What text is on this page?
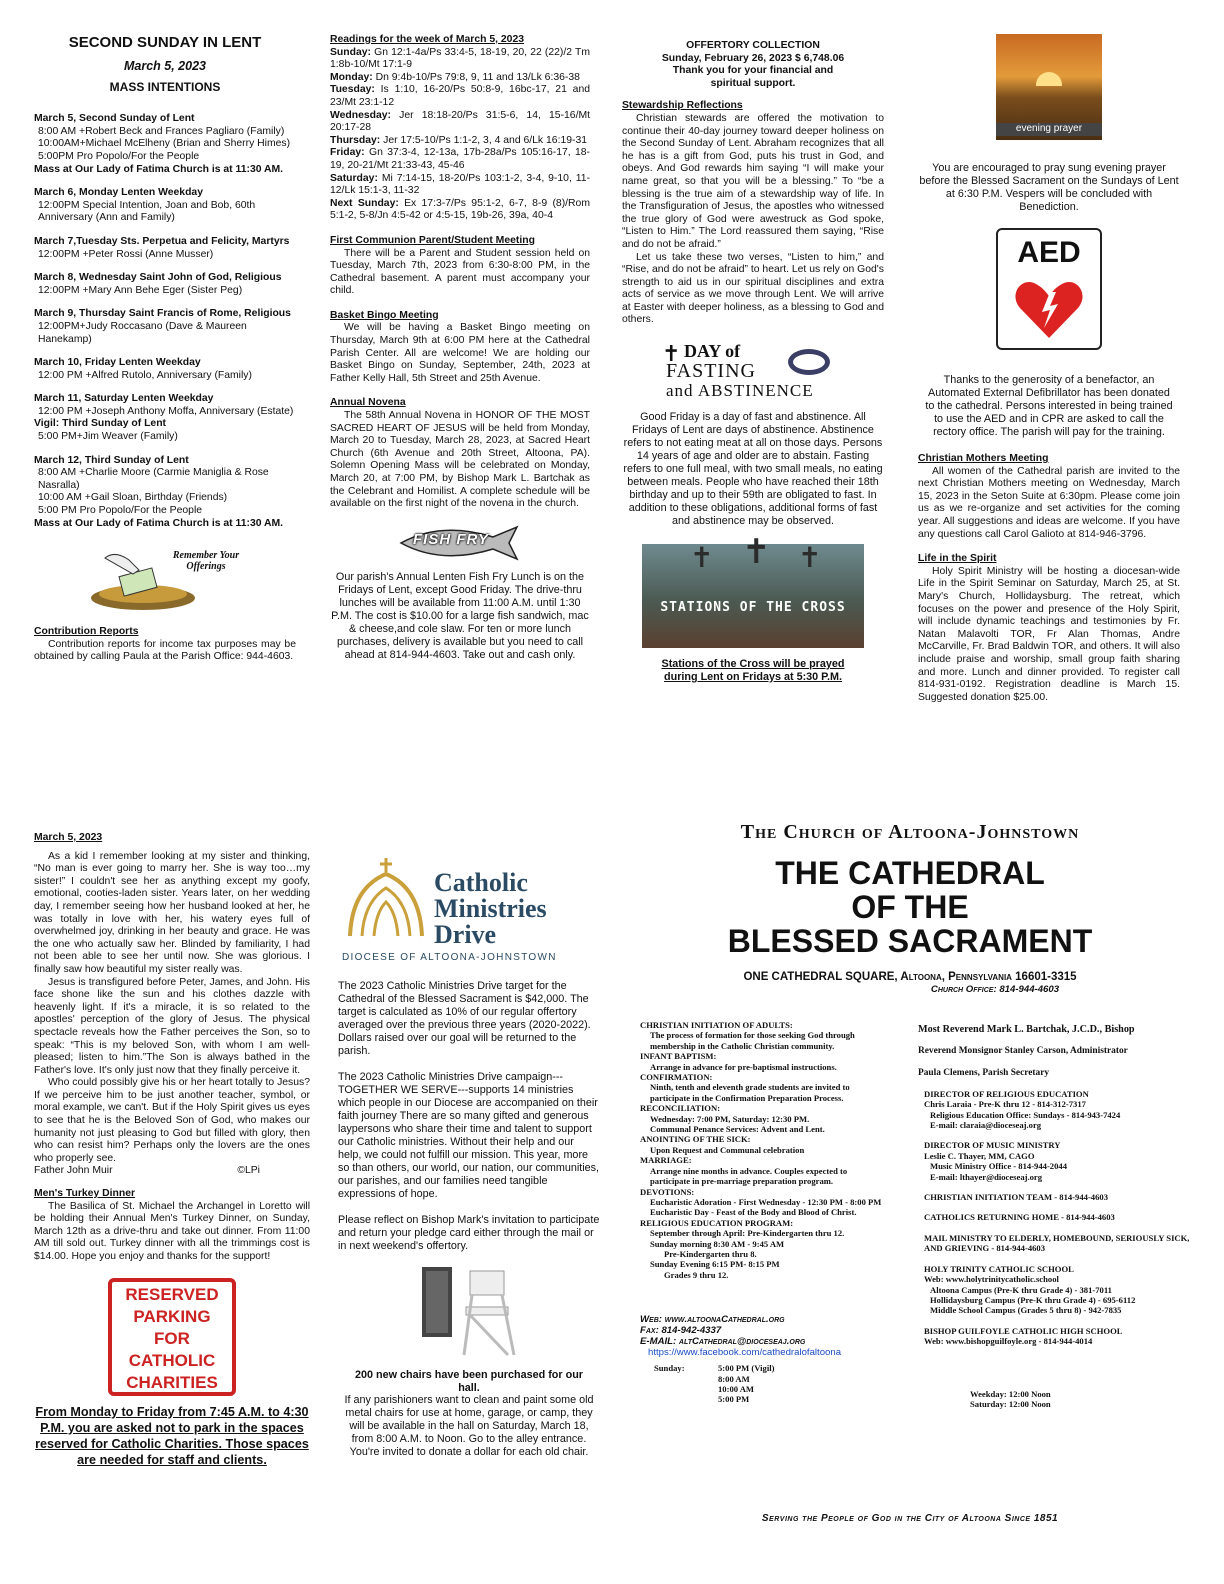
SECOND SUNDAY IN LENT
March 5, 2023
MASS INTENTIONS
March 5, Second Sunday of Lent
8:00 AM +Robert Beck and Frances Pagliaro (Family)
10:00AM+Michael McElheny (Brian and Sherry Himes)
5:00PM Pro Popolo/For the People
Mass at Our Lady of Fatima Church is at 11:30 AM.
March 6, Monday Lenten Weekday
12:00PM Special Intention, Joan and Bob, 60th Anniversary (Ann and Family)
March 7,Tuesday Sts. Perpetua and Felicity, Martyrs
12:00PM +Peter Rossi (Anne Musser)
March 8, Wednesday Saint John of God, Religious
12:00PM +Mary Ann Behe Eger (Sister Peg)
March 9, Thursday Saint Francis of Rome, Religious
12:00PM+Judy Roccasano (Dave & Maureen Hanekamp)
March 10, Friday Lenten Weekday
12:00 PM +Alfred Rutolo, Anniversary (Family)
March 11, Saturday Lenten Weekday
12:00 PM +Joseph Anthony Moffa, Anniversary (Estate)
Vigil: Third Sunday of Lent
5:00 PM+Jim Weaver (Family)
March 12, Third Sunday of Lent
8:00 AM +Charlie Moore (Carmie Maniglia & Rose Nasralla)
10:00 AM +Gail Sloan, Birthday (Friends)
5:00 PM Pro Popolo/For the People
Mass at Our Lady of Fatima Church is at 11:30 AM.
Remember Your Offerings
Contribution Reports

Contribution reports for income tax purposes may be obtained by calling Paula at the Parish Office: 944-4603.

Readings for the week of March 5, 2023

Sunday: Gn 12:1-4a/Ps 33:4-5, 18-19, 20, 22 (22)/2 Tm 1:8b-10/Mt 17:1-9

Monday: Dn 9:4b-10/Ps 79:8, 9, 11 and 13/Lk 6:36-38

Tuesday: Is 1:10, 16-20/Ps 50:8-9, 16bc-17, 21 and 23/Mt 23:1-12

Wednesday: Jer 18:18-20/Ps 31:5-6, 14, 15-16/Mt 20:17-28

Thursday: Jer 17:5-10/Ps 1:1-2, 3, 4 and 6/Lk 16:19-31

Friday: Gn 37:3-4, 12-13a, 17b-28a/Ps 105:16-17, 18-19, 20-21/Mt 21:33-43, 45-46

Saturday: Mi 7:14-15, 18-20/Ps 103:1-2, 3-4, 9-10, 11-12/Lk 15:1-3, 11-32

Next Sunday: Ex 17:3-7/Ps 95:1-2, 6-7, 8-9 (8)/Rom 5:1-2, 5-8/Jn 4:5-42 or 4:5-15, 19b-26, 39a, 40-4

First Communion Parent/Student Meeting

There will be a Parent and Student session held on Tuesday, March 7th, 2023 from 6:30-8:00 PM, in the Cathedral basement. A parent must accompany your child.

Basket Bingo Meeting

We will be having a Basket Bingo meeting on Thursday, March 9th at 6:00 PM here at the Cathedral Parish Center. All are welcome! We are holding our Basket Bingo on Sunday, September, 24th, 2023 at Father Kelly Hall, 5th Street and 25th Avenue.

Annual Novena

The 58th Annual Novena in HONOR OF THE MOST SACRED HEART OF JESUS will be held from Monday, March 20 to Tuesday, March 28, 2023, at Sacred Heart Church (6th Avenue and 20th Street, Altoona, PA). Solemn Opening Mass will be celebrated on Monday, March 20, at 7:00 PM, by Bishop Mark L. Bartchak as the Celebrant and Homilist. A complete schedule will be available on the first night of the novena in the church.

FISH FRY

Our parish's Annual Lenten Fish Fry Lunch is on the Fridays of Lent, except Good Friday. The drive-thru lunches will be available from 11:00 A.M. until 1:30 P.M. The cost is $10.00 for a large fish sandwich, mac & cheese,and cole slaw. For ten or more lunch purchases, delivery is available but you need to call ahead at 814-944-4603. Take out and cash only.

OFFERTORY COLLECTION
Sunday, February 26, 2023 $ 6,748.06
Thank you for your financial and spiritual support.
Stewardship Reflections

Christian stewards are offered the motivation to continue their 40-day journey toward deeper holiness on the Second Sunday of Lent. Abraham recognizes that all he has is a gift from God, puts his trust in God, and obeys. And God rewards him saying “I will make your name great, so that you will be a blessing.” To “be a blessing is the true aim of a stewardship way of life. In the Transfiguration of Jesus, the apostles who witnessed the true glory of God were awestruck as God spoke, “Listen to Him.” The Lord reassured them saying, “Rise and do not be afraid.”

Let us take these two verses, “Listen to him,” and “Rise, and do not be afraid” to heart. Let us rely on God's strength to aid us in our spiritual disciplines and extra acts of service as we move through Lent. We will arrive at Easter with deeper holiness, as a blessing to God and others.

✝ DAY of
FASTING
and ABSTINENCE

Good Friday is a day of fast and abstinence. All Fridays of Lent are days of abstinence. Abstinence refers to not eating meat at all on those days. Persons 14 years of age and older are to abstain. Fasting refers to one full meal, with two small meals, no eating between meals. People who have reached their 18th birthday and up to their 59th are obligated to fast. In addition to these obligations, additional forms of fast and abstinence may be observed.

✝ ✝ ✝
STATIONS OF THE CROSS
Stations of the Cross will be prayed during Lent on Fridays at 5:30 P.M.
evening prayer

You are encouraged to pray sung evening prayer before the Blessed Sacrament on the Sundays of Lent at 6:30 P.M. Vespers will be concluded with Benediction.

AED

Thanks to the generosity of a benefactor, an Automated External Defibrillator has been donated to the cathedral. Persons interested in being trained to use the AED and in CPR are asked to call the rectory office. The parish will pay for the training.

Christian Mothers Meeting

All women of the Cathedral parish are invited to the next Christian Mothers meeting on Wednesday, March 15, 2023 in the Seton Suite at 6:30pm. Please come join us as we re-organize and set activities for the coming year. All suggestions and ideas are welcome. If you have any questions call Carol Galioto at 814-946-3796.

Life in the Spirit

Holy Spirit Ministry will be hosting a diocesan-wide Life in the Spirit Seminar on Saturday, March 25, at St. Mary's Church, Hollidaysburg. The retreat, which focuses on the power and presence of the Holy Spirit, will include dynamic teachings and testimonies by Fr. Natan Malavolti TOR, Fr Alan Thomas, Andre McCarville, Fr. Brad Baldwin TOR, and others. It will also include praise and worship, small group faith sharing and more. Lunch and dinner provided. To register call 814-931-0192. Registration deadline is March 15. Suggested donation $25.00.

March 5, 2023

As a kid I remember looking at my sister and thinking, “No man is ever going to marry her. She is way too…my sister!” I couldn't see her as anything except my goofy, emotional, cooties-laden sister. Years later, on her wedding day, I remember seeing how her husband looked at her, he was totally in love with her, his watery eyes full of overwhelmed joy, drinking in her beauty and grace. He was the one who actually saw her. Blinded by familiarity, I had not been able to see her until now. She was glorious. I finally saw how beautiful my sister really was.

Jesus is transfigured before Peter, James, and John. His face shone like the sun and his clothes dazzle with heavenly light. If it's a miracle, it is so related to the apostles' perception of the glory of Jesus. The physical spectacle reveals how the Father perceives the Son, so to speak: “This is my beloved Son, with whom I am well-pleased; listen to him.”The Son is always bathed in the Father's love. It's only just now that they finally perceive it.

Who could possibly give his or her heart totally to Jesus? If we perceive him to be just another teacher, symbol, or moral example, we can't. But if the Holy Spirit gives us eyes to see that he is the Beloved Son of God, who makes our humanity not just pleasing to God but filled with glory, then who can resist him? Perhaps only the lovers are the ones who properly see.

Father John Muir	©LPi
Men's Turkey Dinner

The Basilica of St. Michael the Archangel in Loretto will be holding their Annual Men's Turkey Dinner, on Sunday, March 12th as a drive-thru and take out dinner. From 11:00 AM till sold out. Turkey dinner with all the trimmings cost is $14.00. Hope you enjoy and thanks for the support!

RESERVED
PARKING
FOR
CATHOLIC
CHARITIES
From Monday to Friday from 7:45 A.M. to 4:30 P.M. you are asked not to park in the spaces reserved for Catholic Charities. Those spaces are needed for staff and clients.
Catholic
Ministries
Drive
DIOCESE OF ALTOONA-JOHNSTOWN

The 2023 Catholic Ministries Drive target for the Cathedral of the Blessed Sacrament is $42,000. The target is calculated as 10% of our regular offertory averaged over the previous three years (2020-2022). Dollars raised over our goal will be returned to the parish.

The 2023 Catholic Ministries Drive campaign---TOGETHER WE SERVE---supports 14 ministries which people in our Diocese are accompanied on their faith journey There are so many gifted and generous laypersons who share their time and talent to support our Catholic ministries. Without their help and our help, we could not fulfill our mission. This year, more so than others, our world, our nation, our communities, our parishes, and our families need tangible expressions of hope.

Please reflect on Bishop Mark's invitation to participate and return your pledge card either through the mail or in next weekend's offertory.

200 new chairs have been purchased for our hall.

If any parishioners want to clean and paint some old metal chairs for use at home, garage, or camp, they will be available in the hall on Saturday, March 18, from 8:00 A.M. to Noon. Go to the alley entrance. You're invited to donate a dollar for each old chair.

The Church of Altoona-Johnstown
THE CATHEDRAL
OF THE
BLESSED SACRAMENT
ONE CATHEDRAL SQUARE, Altoona, Pennsylvania 16601-3315
Church Office: 814-944-4603
CHRISTIAN INITIATION OF ADULTS:
The process of formation for those seeking God through
membership in the Catholic Christian community.
INFANT BAPTISM:
Arrange in advance for pre-baptismal instructions.
CONFIRMATION:
Ninth, tenth and eleventh grade students are invited to
participate in the Confirmation Preparation Process.
RECONCILIATION:
Wednesday: 7:00 PM, Saturday: 12:30 PM.
Communal Penance Services: Advent and Lent.
ANOINTING OF THE SICK:
Upon Request and Communal celebration
MARRIAGE:
Arrange nine months in advance. Couples expected to
participate in pre-marriage preparation program.
DEVOTIONS:
Eucharistic Adoration - First Wednesday - 12:30 PM - 8:00 PM
Eucharistic Day - Feast of the Body and Blood of Christ.
RELIGIOUS EDUCATION PROGRAM:
September through April: Pre-Kindergarten thru 12.
Sunday morning 8:30 AM - 9:45 AM
Pre-Kindergarten thru 8.
Sunday Evening 6:15 PM- 8:15 PM
Grades 9 thru 12.
Web: www.altoonaCathedral.org
Fax: 814-942-4337
E-MAIL: altCathedral@dioceseaj.org
https://www.facebook.com/cathedralofaltoona
Sunday:	5:00 PM (Vigil)
8:00 AM
10:00 AM
5:00 PM
Most Reverend Mark L. Bartchak, J.C.D., Bishop
Reverend Monsignor Stanley Carson, Administrator
Paula Clemens, Parish Secretary
DIRECTOR OF RELIGIOUS EDUCATION
Chris Laraia - Pre-K thru 12 - 814-312-7317
Religious Education Office: Sundays - 814-943-7424
E-mail: claraia@dioceseaj.org
DIRECTOR OF MUSIC MINISTRY
Leslie C. Thayer, MM, CAGO
Music Ministry Office - 814-944-2044
E-mail: lthayer@dioceseaj.org
CHRISTIAN INITIATION TEAM - 814-944-4603
CATHOLICS RETURNING HOME - 814-944-4603
MAIL MINISTRY TO ELDERLY, HOMEBOUND, SERIOUSLY SICK, AND GRIEVING - 814-944-4603
HOLY TRINITY CATHOLIC SCHOOL
Web: www.holytrinitycatholic.school
Altoona Campus (Pre-K thru Grade 4) - 381-7011
Hollidaysburg Campus (Pre-K thru Grade 4) - 695-6112
Middle School Campus (Grades 5 thru 8) - 942-7835
BISHOP GUILFOYLE CATHOLIC HIGH SCHOOL
Web: www.bishopguilfoyle.org - 814-944-4014
Weekday: 12:00 Noon
Saturday: 12:00 Noon
Serving the People of God in the City of Altoona Since 1851
